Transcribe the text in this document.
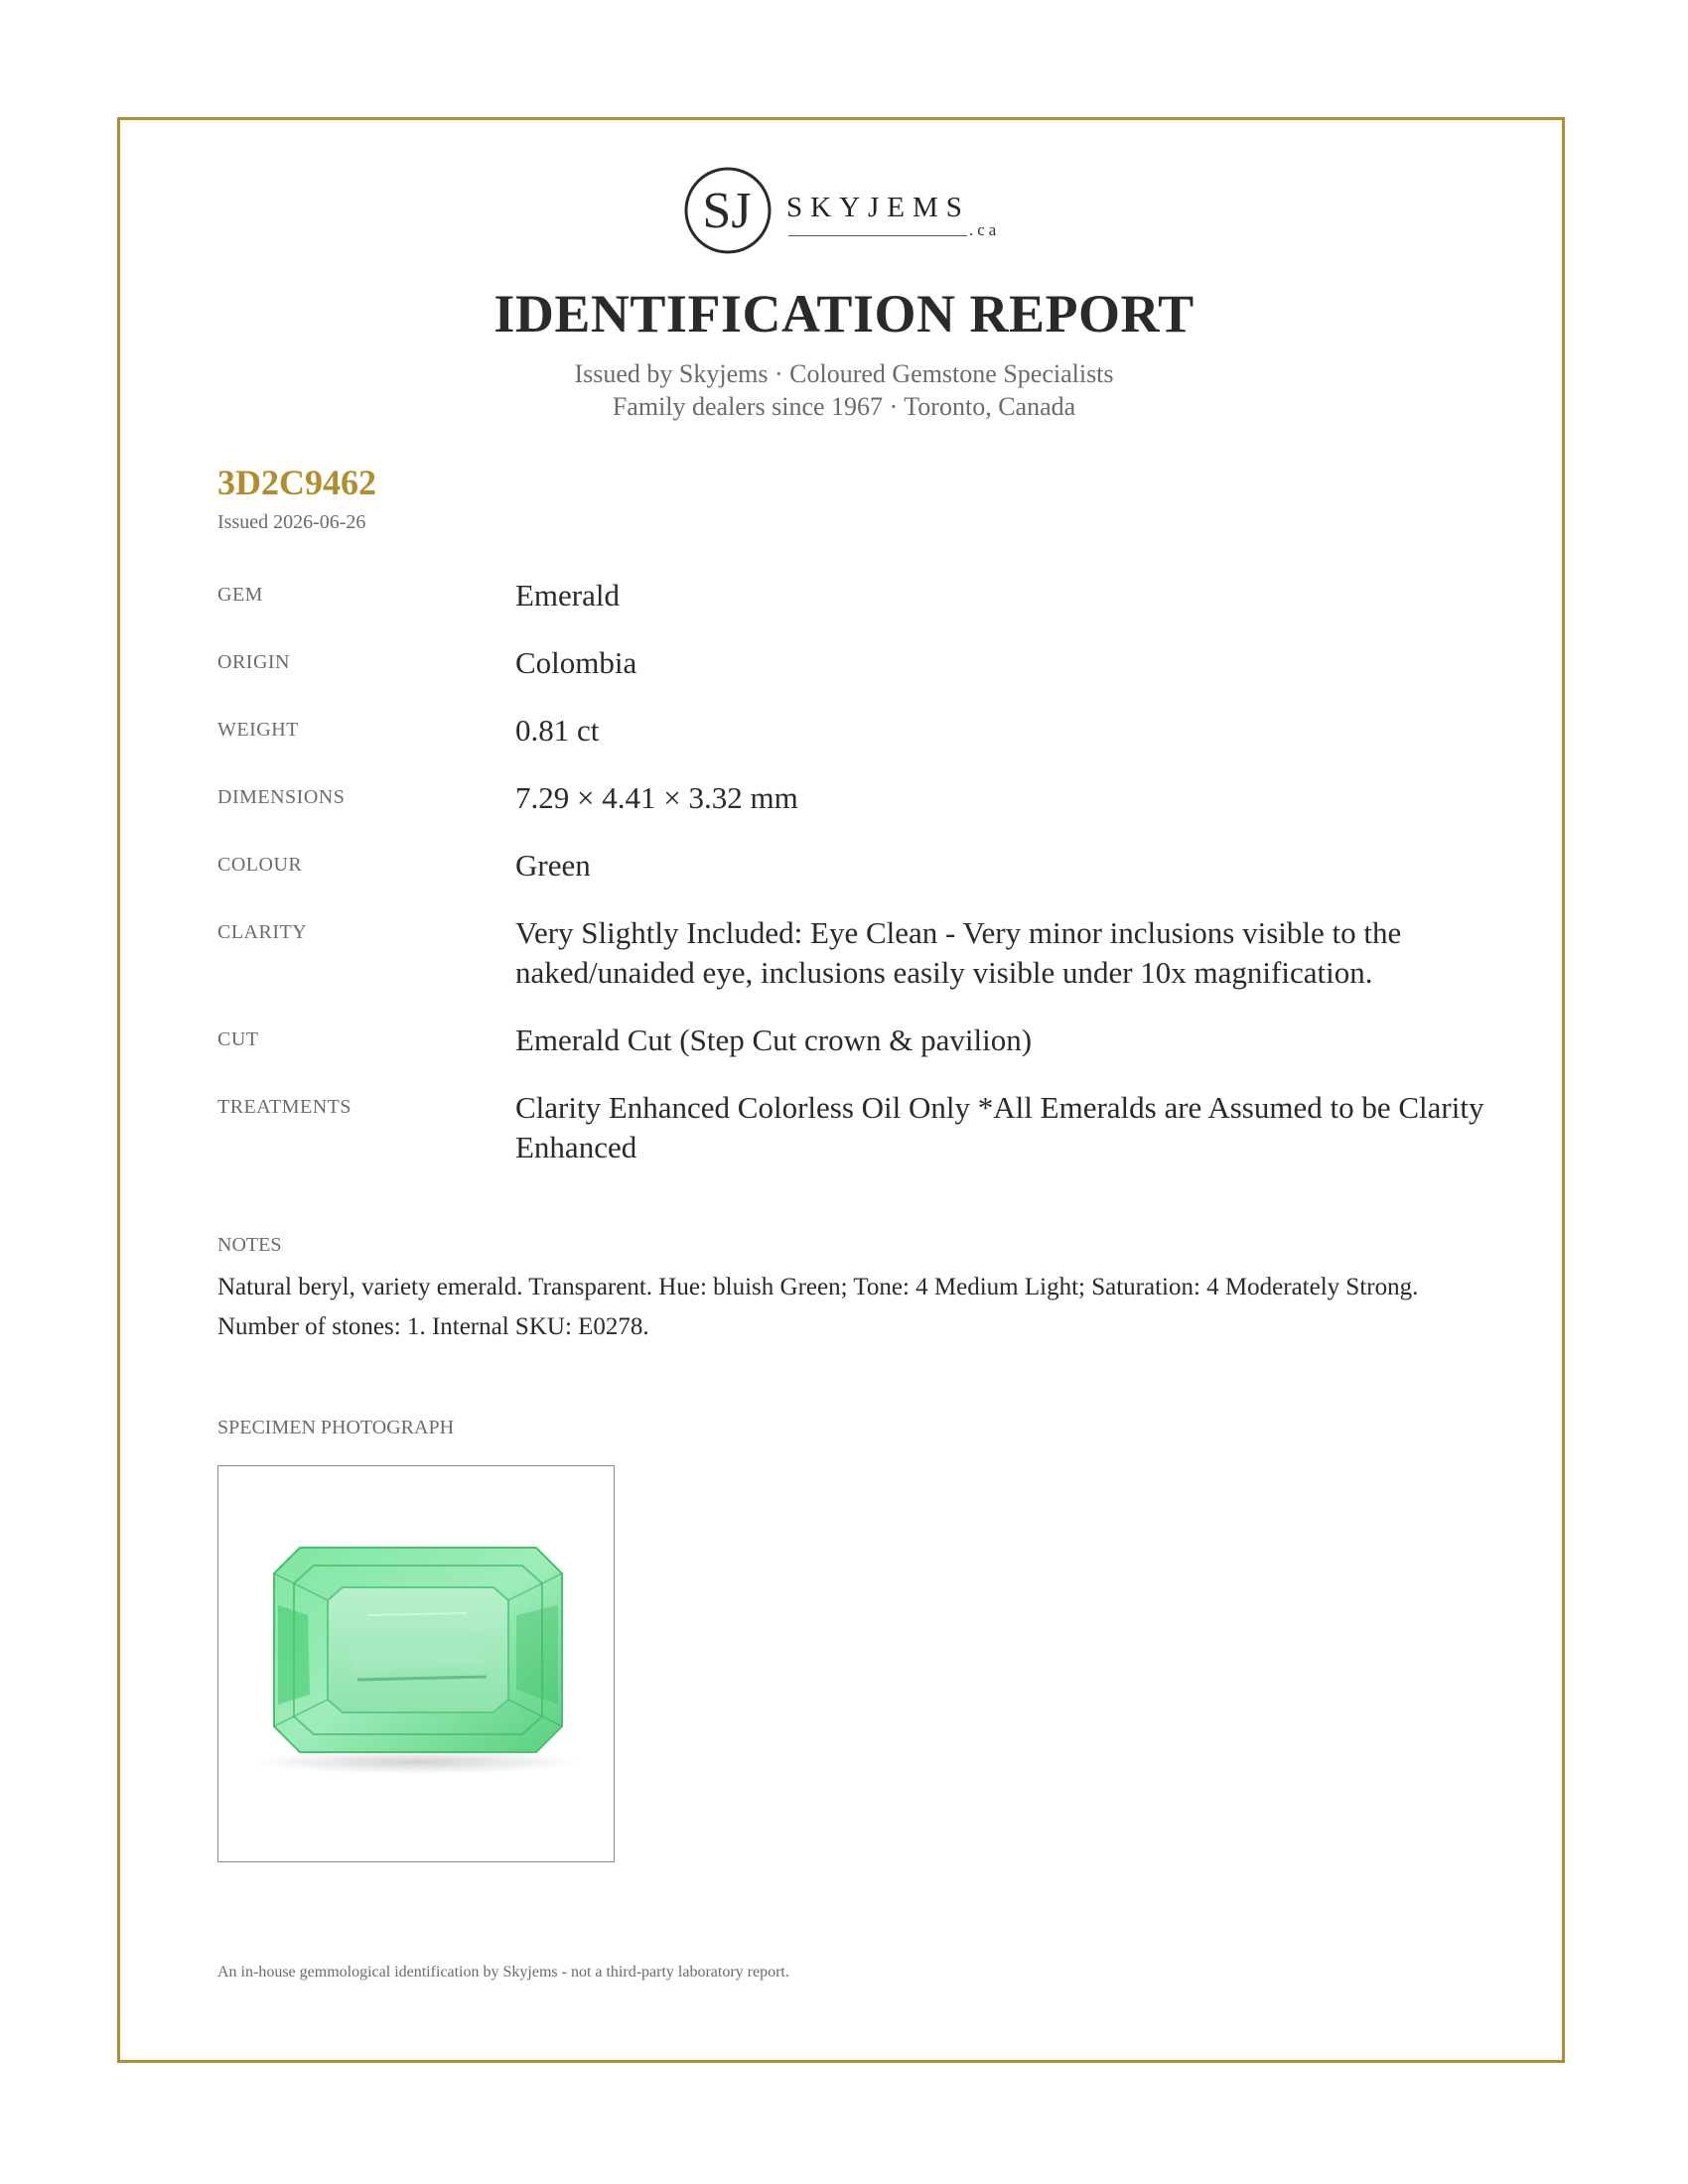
SJ SKYJEMS
.ca
IDENTIFICATION REPORT
Issued by Skyjems · Coloured Gemstone Specialists
Family dealers since 1967 · Toronto, Canada
3D2C9462
Issued 2026-06-26
GEM	Emerald
ORIGIN	Colombia
WEIGHT	0.81 ct
DIMENSIONS	7.29 × 4.41 × 3.32 mm
COLOUR	Green
CLARITY	Very Slightly Included: Eye Clean - Very minor inclusions visible to the naked/unaided eye, inclusions easily visible under 10x magnification.
CUT	Emerald Cut (Step Cut crown & pavilion)
TREATMENTS	Clarity Enhanced Colorless Oil Only *All Emeralds are Assumed to be Clarity Enhanced
NOTES
Natural beryl, variety emerald. Transparent. Hue: bluish Green; Tone: 4 Medium Light; Saturation: 4 Moderately Strong. Number of stones: 1. Internal SKU: E0278.
SPECIMEN PHOTOGRAPH
An in-house gemmological identification by Skyjems - not a third-party laboratory report.
